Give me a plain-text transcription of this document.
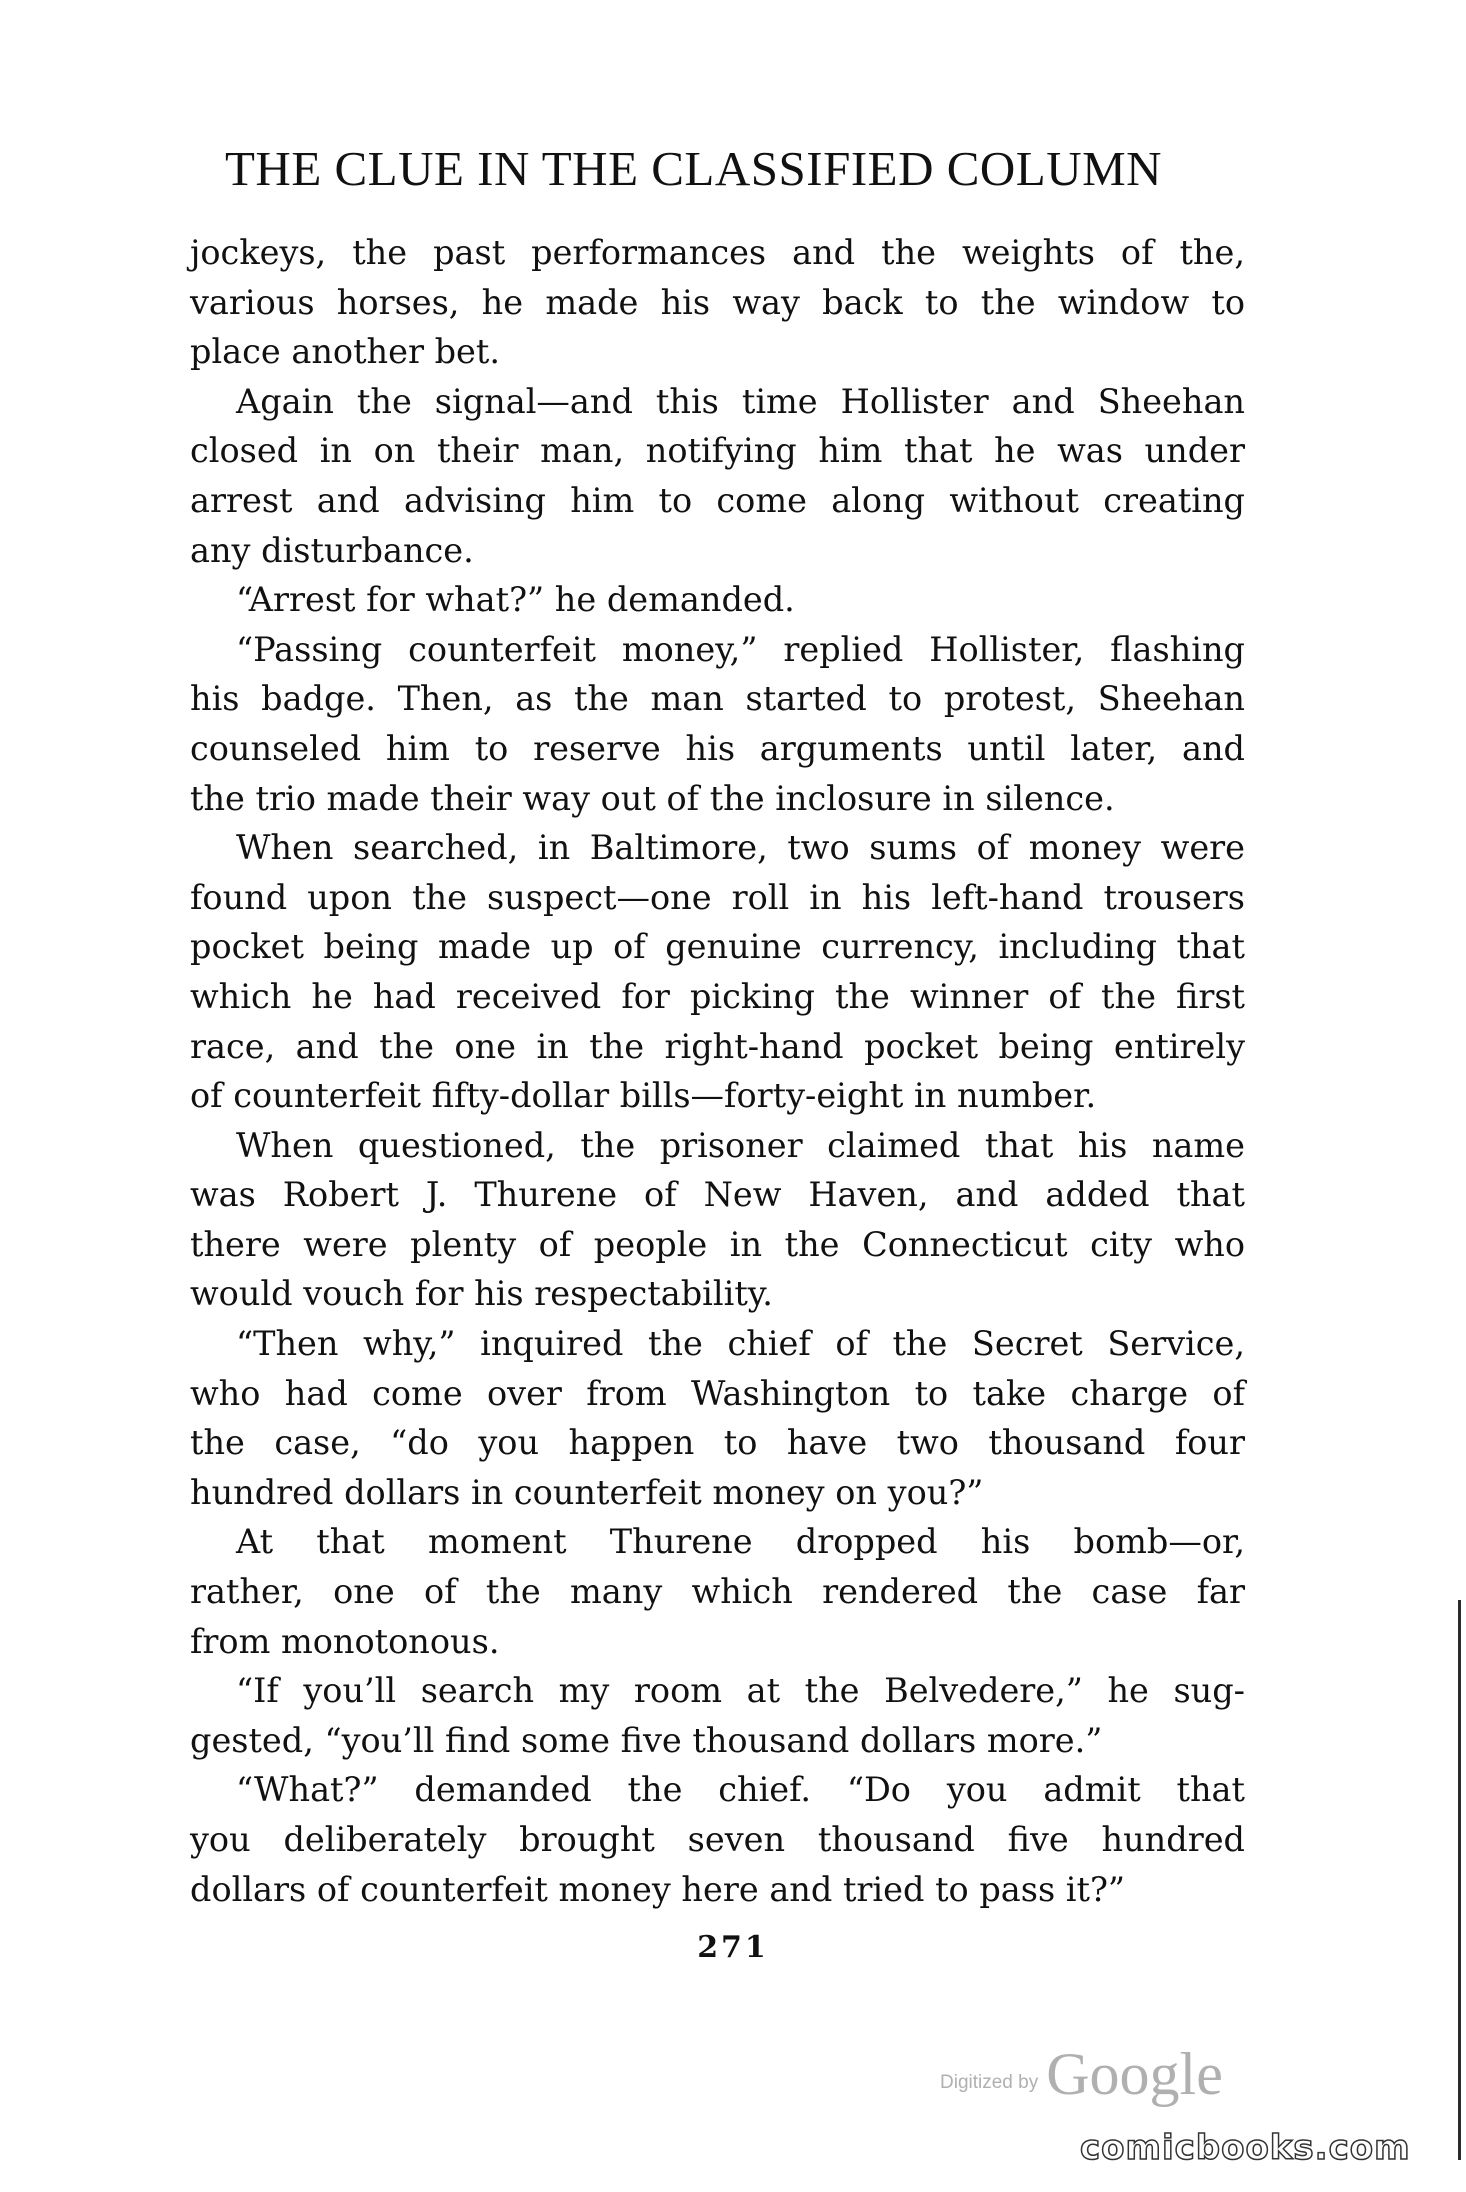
THE CLUE IN THE CLASSIFIED COLUMN
jockeys, the past performances and the weights of the,
various horses, he made his way back to the window to
place another bet.
Again the signal—and this time Hollister and Sheehan
closed in on their man, notifying him that he was under
arrest and advising him to come along without creating
any disturbance.
“Arrest for what?” he demanded.
“Passing counterfeit money,” replied Hollister, flashing
his badge. Then, as the man started to protest, Sheehan
counseled him to reserve his arguments until later, and
the trio made their way out of the inclosure in silence.
When searched, in Baltimore, two sums of money were
found upon the suspect—one roll in his left-hand trousers
pocket being made up of genuine currency, including that
which he had received for picking the winner of the first
race, and the one in the right-hand pocket being entirely
of counterfeit fifty-dollar bills—forty-eight in number.
When questioned, the prisoner claimed that his name
was Robert J. Thurene of New Haven, and added that
there were plenty of people in the Connecticut city who
would vouch for his respectability.
“Then why,” inquired the chief of the Secret Service,
who had come over from Washington to take charge of
the case, “do you happen to have two thousand four
hundred dollars in counterfeit money on you?”
At that moment Thurene dropped his bomb—or,
rather, one of the many which rendered the case far
from monotonous.
“If you’ll search my room at the Belvedere,” he sug-
gested, “you’ll find some five thousand dollars more.”
“What?” demanded the chief. “Do you admit that
you deliberately brought seven thousand five hundred
dollars of counterfeit money here and tried to pass it?”
271
Digitized by Google
comicbooks.com
